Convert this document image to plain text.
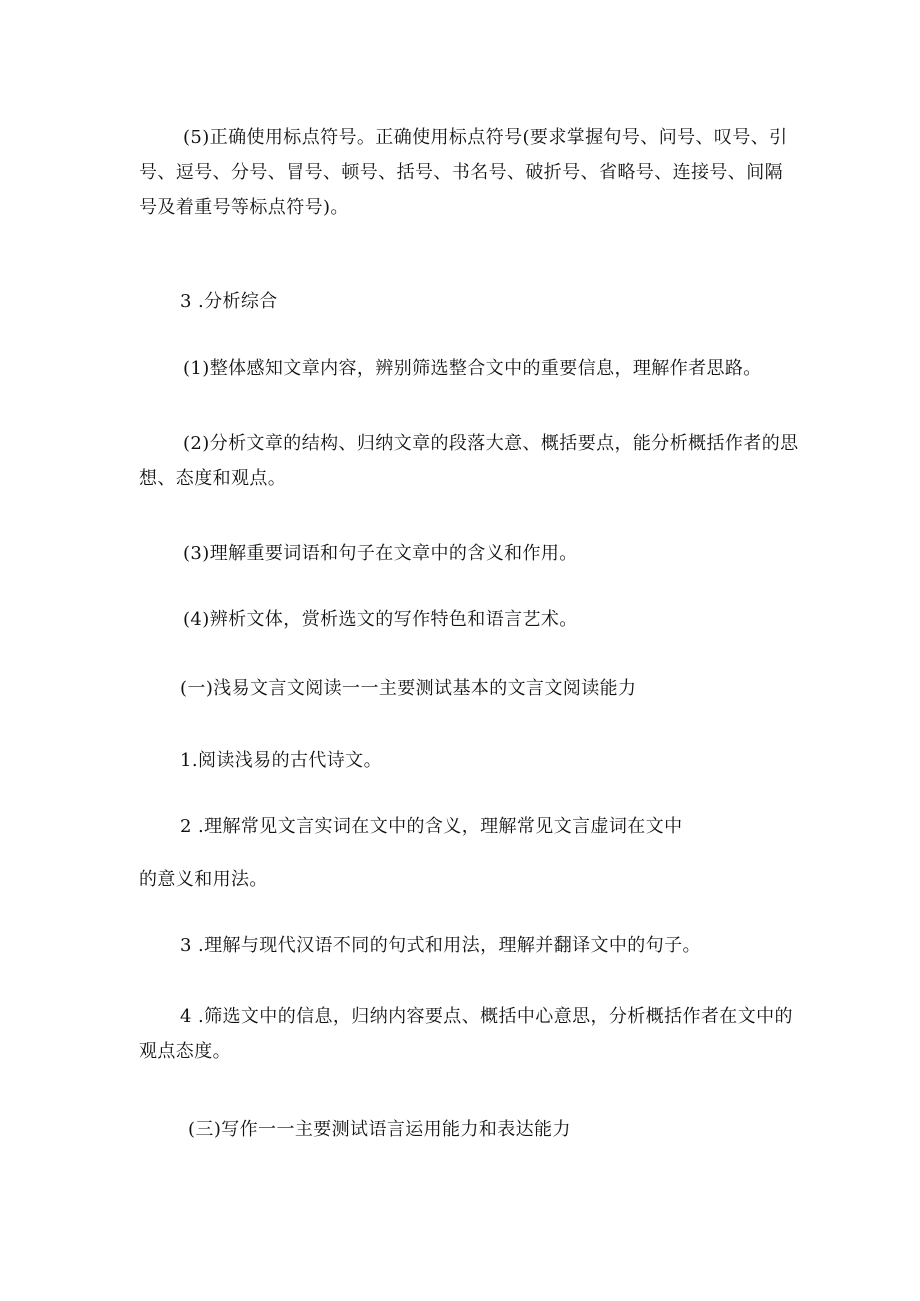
(5)正确使用标点符号。正确使用标点符号(要求掌握句号、问号、叹号、引号、逗号、分号、冒号、顿号、括号、书名号、破折号、省略号、连接号、间隔号及着重号等标点符号)。
3 .分析综合
(1)整体感知文章内容，辨别筛选整合文中的重要信息，理解作者思路。
(2)分析文章的结构、归纳文章的段落大意、概括要点，能分析概括作者的思想、态度和观点。
(3)理解重要词语和句子在文章中的含义和作用。
(4)辨析文体，赏析选文的写作特色和语言艺术。
(一)浅易文言文阅读一一主要测试基本的文言文阅读能力
1.阅读浅易的古代诗文。
2 .理解常见文言实词在文中的含义，理解常见文言虚词在文中
的意义和用法。
3 .理解与现代汉语不同的句式和用法，理解并翻译文中的句子。
4 .筛选文中的信息，归纳内容要点、概括中心意思，分析概括作者在文中的观点态度。
(三)写作一一主要测试语言运用能力和表达能力
